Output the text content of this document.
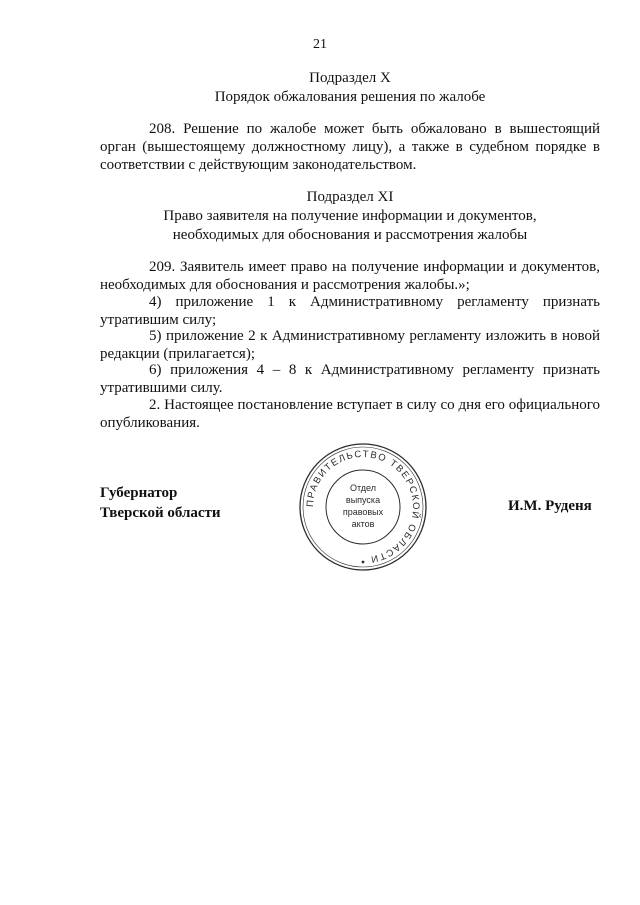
21
Подраздел X
Порядок обжалования решения по жалобе

208. Решение по жалобе может быть обжаловано в вышестоящий орган (вышестоящему должностному лицу), а также в судебном порядке в соответствии с действующим законодательством.

Подраздел XI
Право заявителя на получение информации и документов,
необходимых для обоснования и рассмотрения жалобы

209. Заявитель имеет право на получение информации и документов, необходимых для обоснования и рассмотрения жалобы.»;

4) приложение 1 к Административному регламенту признать утратившим силу;

5) приложение 2 к Административному регламенту изложить в новой редакции (прилагается);

6) приложения 4 – 8 к Административному регламенту признать утратившими силу.

2. Настоящее постановление вступает в силу со дня его официального опубликования.

Губернатор
Тверской области
ПРАВИТЕЛЬСТВО ТВЕРСКОЙ ОБЛАСТИ
Отдел
выпуска
правовых
актов
И.М. Руденя
